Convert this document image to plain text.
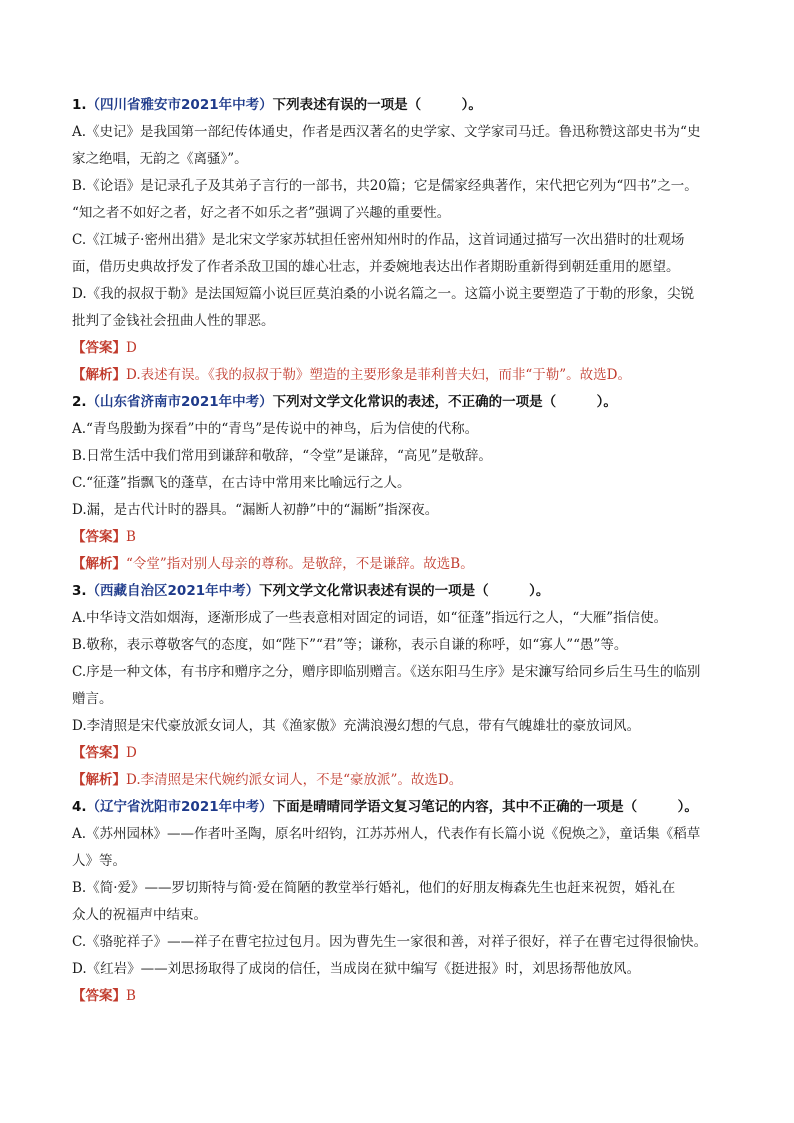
1.（四川省雅安市2021年中考）下列表述有误的一项是（　　　）。
A.《史记》是我国第一部纪传体通史，作者是西汉著名的史学家、文学家司马迁。鲁迅称赞这部史书为“史
家之绝唱，无韵之《离骚》”。
B.《论语》是记录孔子及其弟子言行的一部书，共20篇；它是儒家经典著作，宋代把它列为“四书”之一。
“知之者不如好之者，好之者不如乐之者”强调了兴趣的重要性。
C.《江城子·密州出猎》是北宋文学家苏轼担任密州知州时的作品，这首词通过描写一次出猎时的壮观场
面，借历史典故抒发了作者杀敌卫国的雄心壮志，并委婉地表达出作者期盼重新得到朝廷重用的愿望。
D.《我的叔叔于勒》是法国短篇小说巨匠莫泊桑的小说名篇之一。这篇小说主要塑造了于勒的形象，尖锐
批判了金钱社会扭曲人性的罪恶。
【答案】D
【解析】D.表述有误。《我的叔叔于勒》塑造的主要形象是菲利普夫妇，而非“于勒”。故选D。
2.（山东省济南市2021年中考）下列对文学文化常识的表述，不正确的一项是（　　　）。
A.“青鸟殷勤为探看”中的“青鸟”是传说中的神鸟，后为信使的代称。
B.日常生活中我们常用到谦辞和敬辞，“令堂”是谦辞，“高见”是敬辞。
C.“征蓬”指飘飞的蓬草，在古诗中常用来比喻远行之人。
D.漏，是古代计时的器具。“漏断人初静”中的“漏断”指深夜。
【答案】B
【解析】“令堂”指对别人母亲的尊称。是敬辞，不是谦辞。故选B。
3.（西藏自治区2021年中考）下列文学文化常识表述有误的一项是（　　　）。
A.中华诗文浩如烟海，逐渐形成了一些表意相对固定的词语，如“征蓬”指远行之人，“大雁”指信使。
B.敬称，表示尊敬客气的态度，如“陛下”“君”等；谦称，表示自谦的称呼，如“寡人”“愚”等。
C.序是一种文体，有书序和赠序之分，赠序即临别赠言。《送东阳马生序》是宋濂写给同乡后生马生的临别
赠言。
D.李清照是宋代豪放派女词人，其《渔家傲》充满浪漫幻想的气息，带有气魄雄壮的豪放词风。
【答案】D
【解析】D.李清照是宋代婉约派女词人，不是“豪放派”。故选D。
4.（辽宁省沈阳市2021年中考）下面是晴晴同学语文复习笔记的内容，其中不正确的一项是（　　　）。
A.《苏州园林》——作者叶圣陶，原名叶绍钧，江苏苏州人，代表作有长篇小说《倪焕之》，童话集《稻草
人》等。
B.《简·爱》——罗切斯特与简·爱在简陋的教堂举行婚礼，他们的好朋友梅森先生也赶来祝贺，婚礼在
众人的祝福声中结束。
C.《骆驼祥子》——祥子在曹宅拉过包月。因为曹先生一家很和善，对祥子很好，祥子在曹宅过得很愉快。
D.《红岩》——刘思扬取得了成岗的信任，当成岗在狱中编写《挺进报》时，刘思扬帮他放风。
【答案】B
